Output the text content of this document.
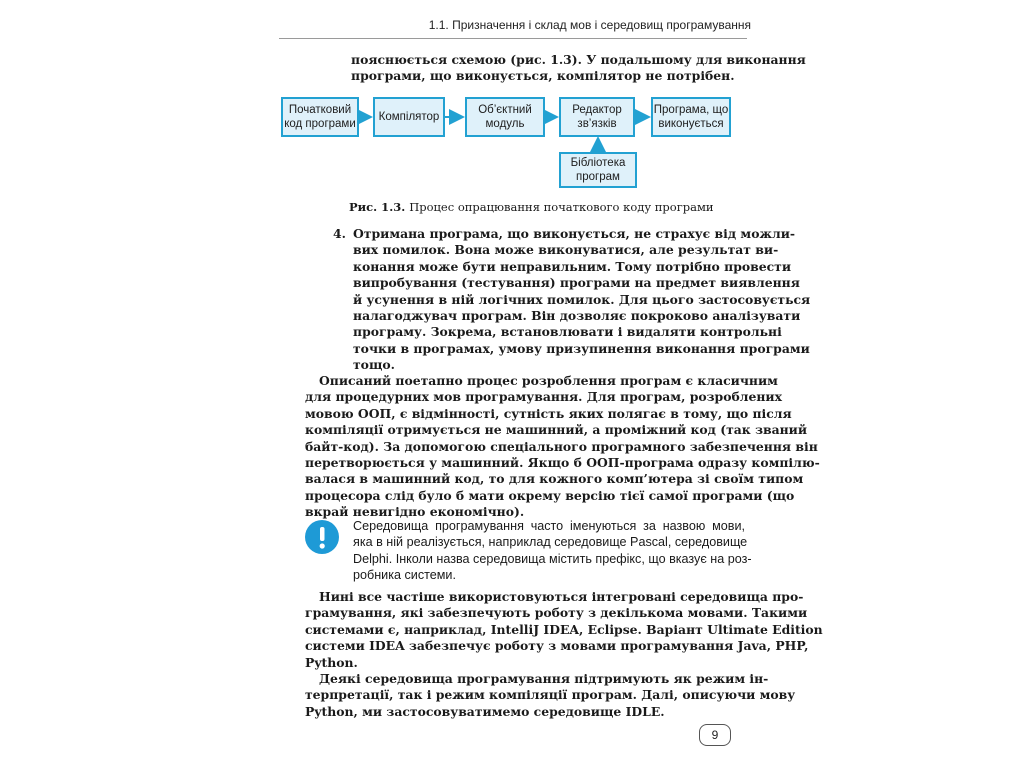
1.1. Призначення і склад мов і середовищ програмування
пояснюється схемою (рис. 1.3). У подальшому для виконання
програми, що виконується, компілятор не потрібен.
Початковий
код програми
Компілятор
Об’єктний
модуль
Редактор
зв’язків
Програма, що
виконується
Бібліотека
програм
Рис. 1.3. Процес опрацювання початкового коду програми
4. Отримана програма, що виконується, не страхує від можли-
вих помилок. Вона може виконуватися, але результат ви-
конання може бути неправильним. Тому потрібно провести
випробування (тестування) програми на предмет виявлення
й усунення в ній логічних помилок. Для цього застосовується
налагоджувач програм. Він дозволяє покроково аналізувати
програму. Зокрема, встановлювати і видаляти контрольні
точки в програмах, умову призупинення виконання програми
тощо.
Описаний поетапно процес розроблення програм є класичним
для процедурних мов програмування. Для програм, розроблених
мовою ООП, є відмінності, сутність яких полягає в тому, що після
компіляції отримується не машинний, а проміжний код (так званий
байт-код). За допомогою спеціального програмного забезпечення він
перетворюється у машинний. Якщо б ООП-програма одразу компілю-
валася в машинний код, то для кожного комп’ютера зі своїм типом
процесора слід було б мати окрему версію тієї самої програми (що
вкрай невигідно економічно).
Середовища програмування часто іменуються за назвою мови,
яка в ній реалізується, наприклад середовище Pascal, середовище
Delphi. Інколи назва середовища містить префікс, що вказує на роз-
робника системи.
Нині все частіше використовуються інтегровані середовища про-
грамування, які забезпечують роботу з декількома мовами. Такими
системами є, наприклад, IntelliJ IDEA, Eclipse. Варіант Ultimate Edition
системи IDEA забезпечує роботу з мовами програмування Java, PHP,
Python.
Деякі середовища програмування підтримують як режим ін-
терпретації, так і режим компіляції програм. Далі, описуючи мову
Python, ми застосовуватимемо середовище IDLE.
9
